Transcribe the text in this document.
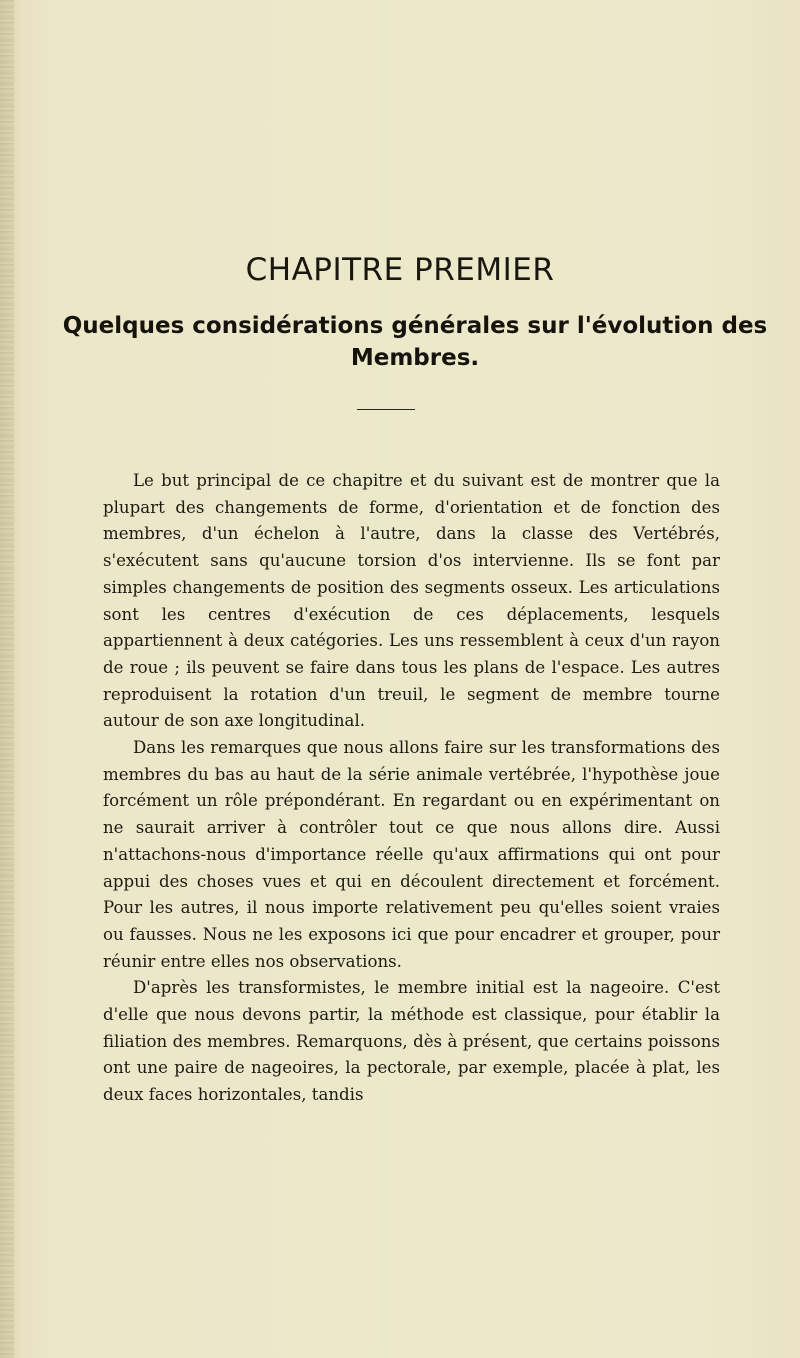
CHAPITRE PREMIER
Quelques considérations générales sur l'évolution des Membres.

Le but principal de ce chapitre et du suivant est de montrer que la plupart des changements de forme, d'orientation et de fonction des membres, d'un échelon à l'autre, dans la classe des Vertébrés, s'exécutent sans qu'aucune torsion d'os intervienne. Ils se font par simples changements de position des segments osseux. Les articulations sont les centres d'exécution de ces déplacements, lesquels appartiennent à deux catégories. Les uns ressemblent à ceux d'un rayon de roue ; ils peuvent se faire dans tous les plans de l'espace. Les autres reproduisent la rotation d'un treuil, le segment de membre tourne autour de son axe longitudinal.

Dans les remarques que nous allons faire sur les transformations des membres du bas au haut de la série animale vertébrée, l'hypothèse joue forcément un rôle prépondérant. En regardant ou en expérimentant on ne saurait arriver à contrôler tout ce que nous allons dire. Aussi n'attachons-nous d'importance réelle qu'aux affirmations qui ont pour appui des choses vues et qui en découlent directement et forcément. Pour les autres, il nous importe relativement peu qu'elles soient vraies ou fausses. Nous ne les exposons ici que pour encadrer et grouper, pour réunir entre elles nos observations.

D'après les transformistes, le membre initial est la nageoire. C'est d'elle que nous devons partir, la méthode est classique, pour établir la filiation des membres. Remarquons, dès à présent, que certains poissons ont une paire de nageoires, la pectorale, par exemple, placée à plat, les deux faces horizontales, tandis
